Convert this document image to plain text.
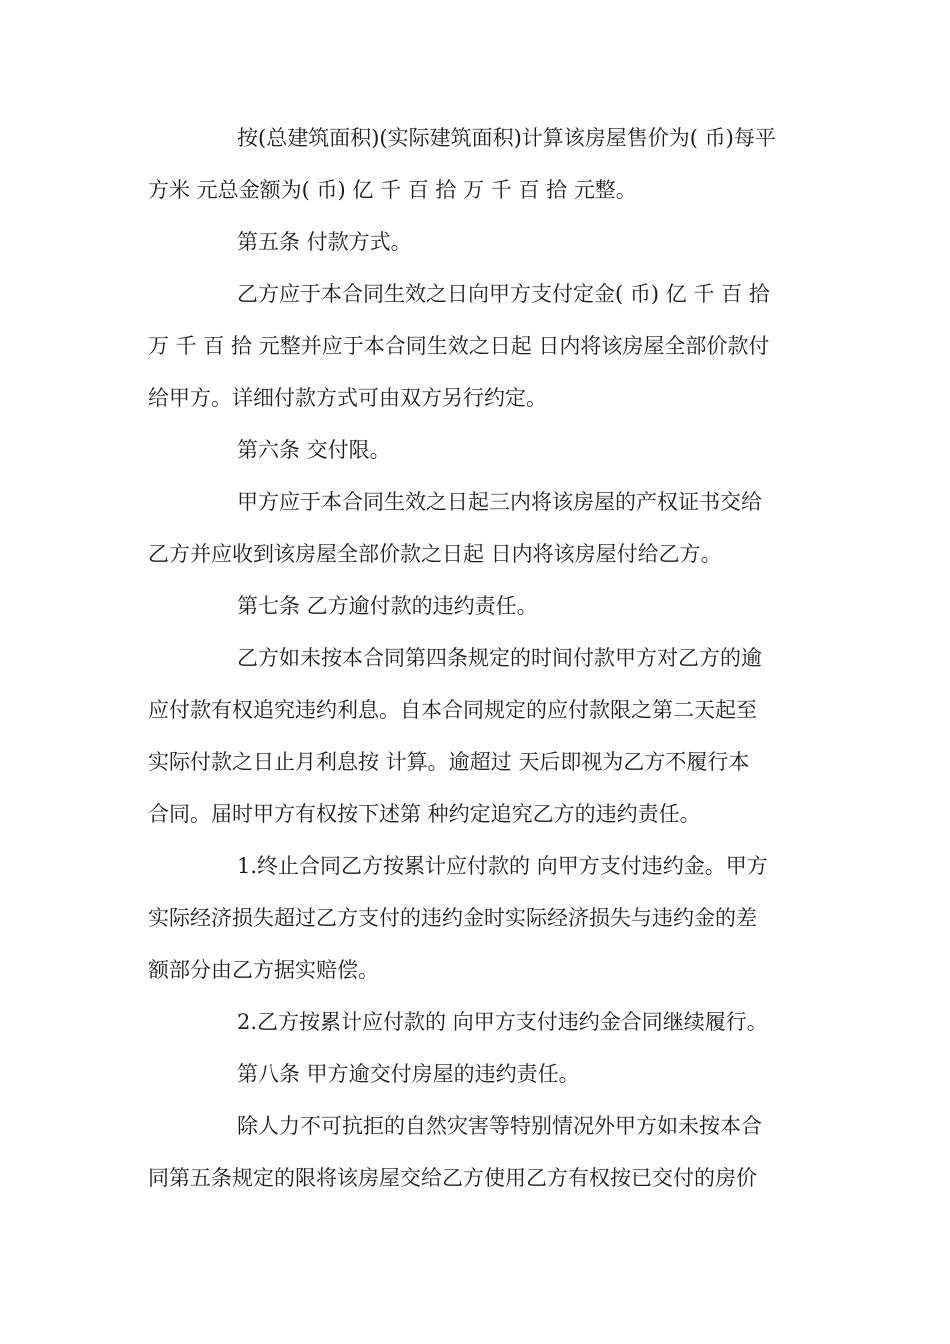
按(总建筑面积)(实际建筑面积)计算该房屋售价为( 币)每平
方米 元总金额为( 币) 亿 千 百 拾 万 千 百 拾 元整。
第五条 付款方式。
乙方应于本合同生效之日向甲方支付定金( 币) 亿 千 百 拾
万 千 百 拾 元整并应于本合同生效之日起 日内将该房屋全部价款付
给甲方。详细付款方式可由双方另行约定。
第六条 交付限。
甲方应于本合同生效之日起三内将该房屋的产权证书交给
乙方并应收到该房屋全部价款之日起 日内将该房屋付给乙方。
第七条 乙方逾付款的违约责任。
乙方如未按本合同第四条规定的时间付款甲方对乙方的逾
应付款有权追究违约利息。自本合同规定的应付款限之第二天起至
实际付款之日止月利息按 计算。逾超过 天后即视为乙方不履行本
合同。届时甲方有权按下述第 种约定追究乙方的违约责任。
1.终止合同乙方按累计应付款的 向甲方支付违约金。甲方
实际经济损失超过乙方支付的违约金时实际经济损失与违约金的差
额部分由乙方据实赔偿。
2.乙方按累计应付款的 向甲方支付违约金合同继续履行。
第八条 甲方逾交付房屋的违约责任。
除人力不可抗拒的自然灾害等特别情况外甲方如未按本合
同第五条规定的限将该房屋交给乙方使用乙方有权按已交付的房价
